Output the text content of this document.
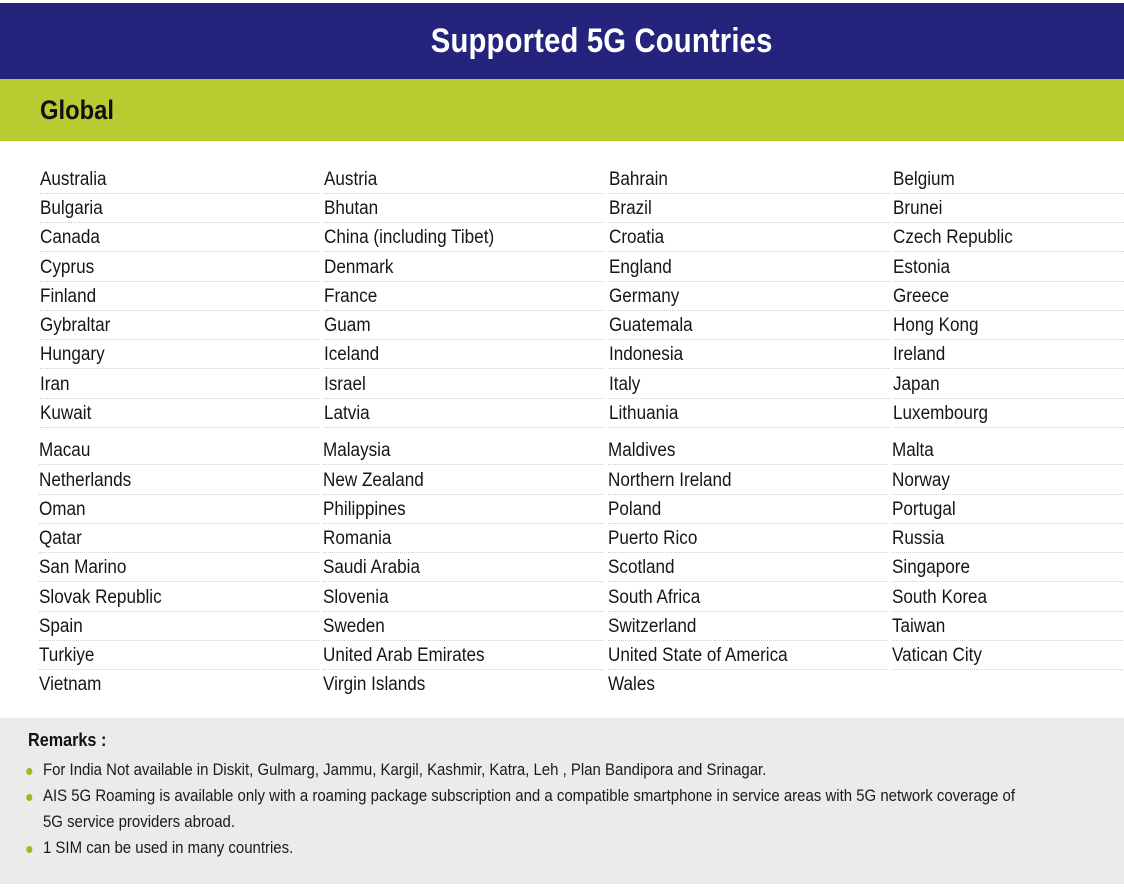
Supported 5G Countries
Global
Australia	Austria	Bahrain	Belgium
Bulgaria	Bhutan	Brazil	Brunei
Canada	China (including Tibet)	Croatia	Czech Republic
Cyprus	Denmark	England	Estonia
Finland	France	Germany	Greece
Gybraltar	Guam	Guatemala	Hong Kong
Hungary	Iceland	Indonesia	Ireland
Iran	Israel	Italy	Japan
Kuwait	Latvia	Lithuania	Luxembourg
Macau	Malaysia	Maldives	Malta
Netherlands	New Zealand	Northern Ireland	Norway
Oman	Philippines	Poland	Portugal
Qatar	Romania	Puerto Rico	Russia
San Marino	Saudi Arabia	Scotland	Singapore
Slovak Republic	Slovenia	South Africa	South Korea
Spain	Sweden	Switzerland	Taiwan
Turkiye	United Arab Emirates	United State of America	Vatican City
Vietnam	Virgin Islands	Wales
Remarks :
For India Not available in Diskit, Gulmarg, Jammu, Kargil, Kashmir, Katra, Leh , Plan Bandipora and Srinagar.
AIS 5G Roaming is available only with a roaming package subscription and a compatible smartphone in service areas with 5G network coverage of
5G service providers abroad.
1 SIM can be used in many countries.
